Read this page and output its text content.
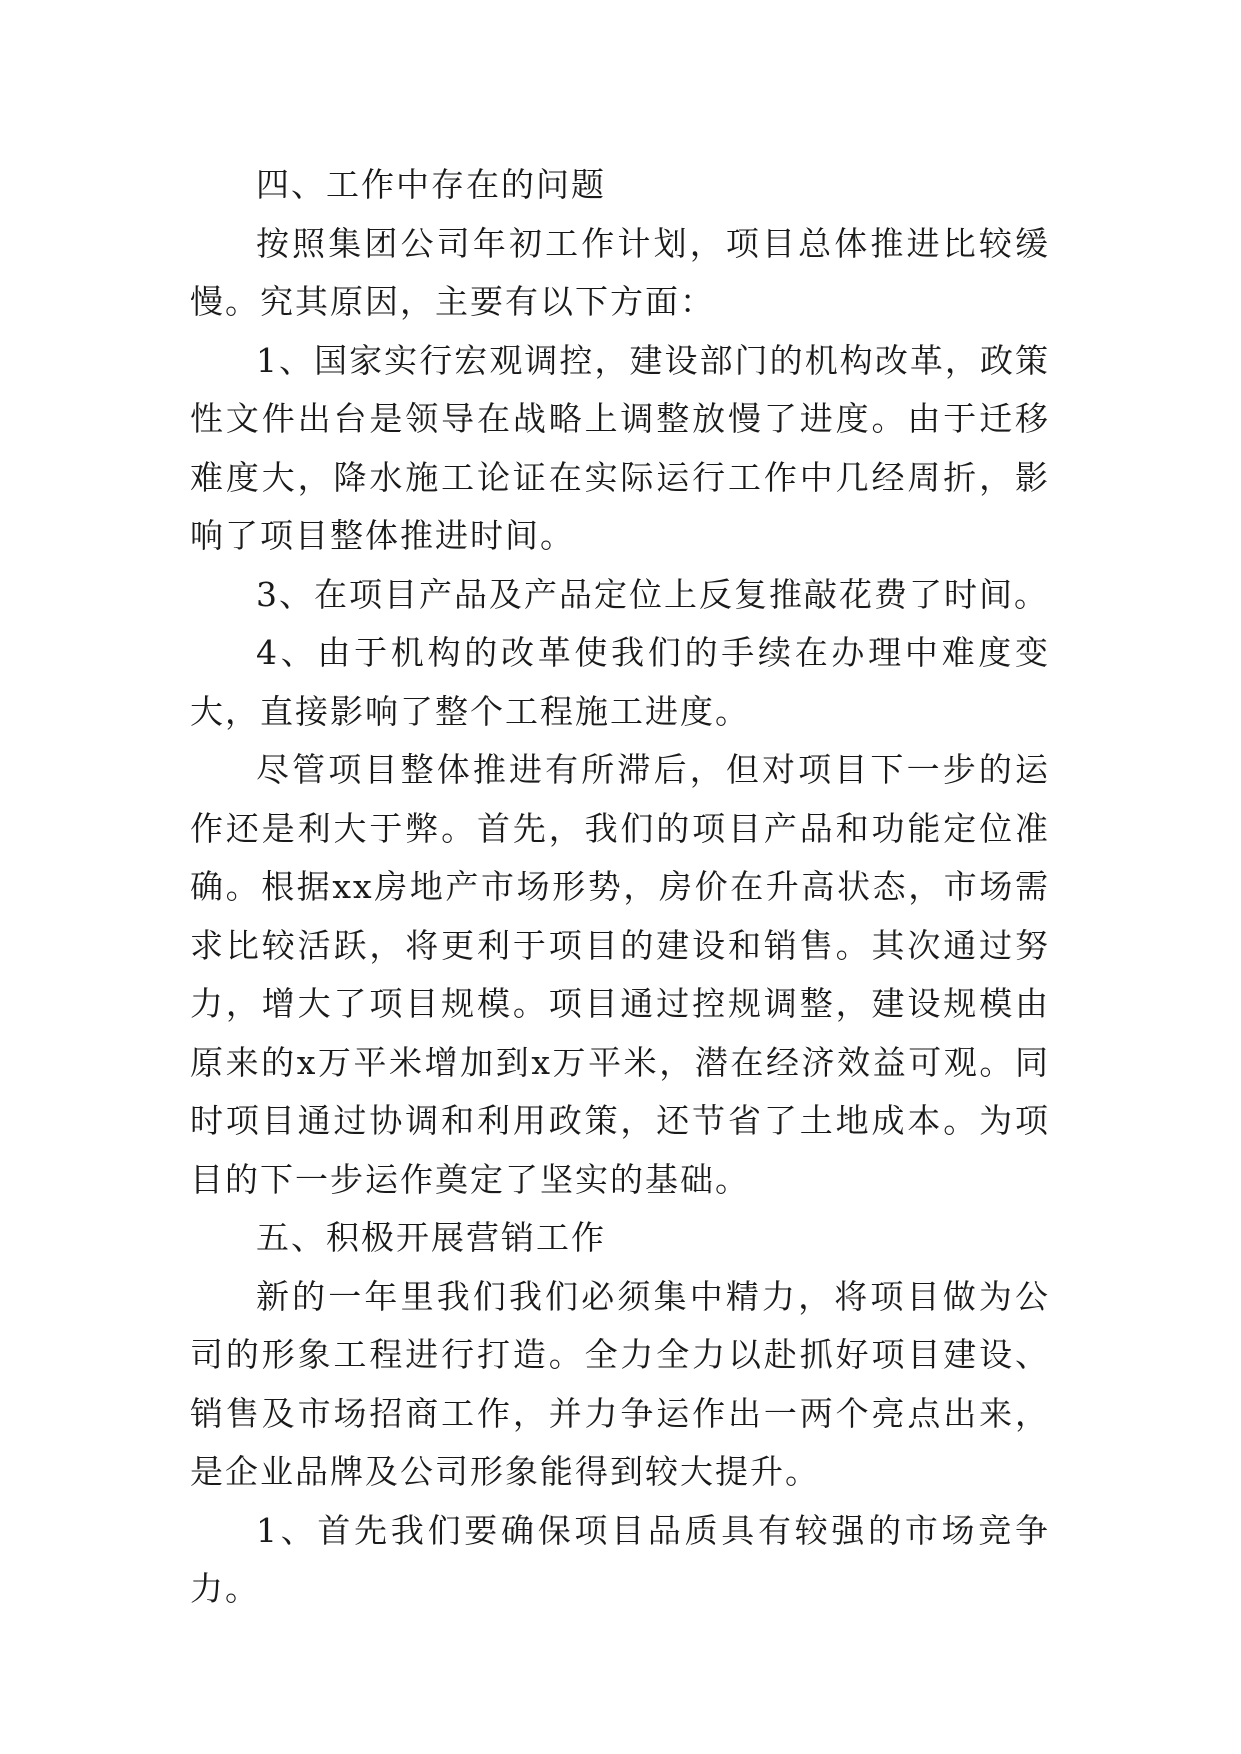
四、工作中存在的问题

按照集团公司年初工作计划，项目总体推进比较缓慢。究其原因，主要有以下方面：

1、国家实行宏观调控，建设部门的机构改革，政策性文件出台是领导在战略上调整放慢了进度。由于迁移难度大，降水施工论证在实际运行工作中几经周折，影响了项目整体推进时间。

3、在项目产品及产品定位上反复推敲花费了时间。

4、由于机构的改革使我们的手续在办理中难度变大，直接影响了整个工程施工进度。

尽管项目整体推进有所滞后，但对项目下一步的运作还是利大于弊。首先，我们的项目产品和功能定位准确。根据xx房地产市场形势，房价在升高状态，市场需求比较活跃，将更利于项目的建设和销售。其次通过努力，增大了项目规模。项目通过控规调整，建设规模由原来的x万平米增加到x万平米，潜在经济效益可观。同时项目通过协调和利用政策，还节省了土地成本。为项目的下一步运作奠定了坚实的基础。

五、积极开展营销工作

新的一年里我们我们必须集中精力，将项目做为公司的形象工程进行打造。全力全力以赴抓好项目建设、销售及市场招商工作，并力争运作出一两个亮点出来，是企业品牌及公司形象能得到较大提升。

1、首先我们要确保项目品质具有较强的市场竞争力。
